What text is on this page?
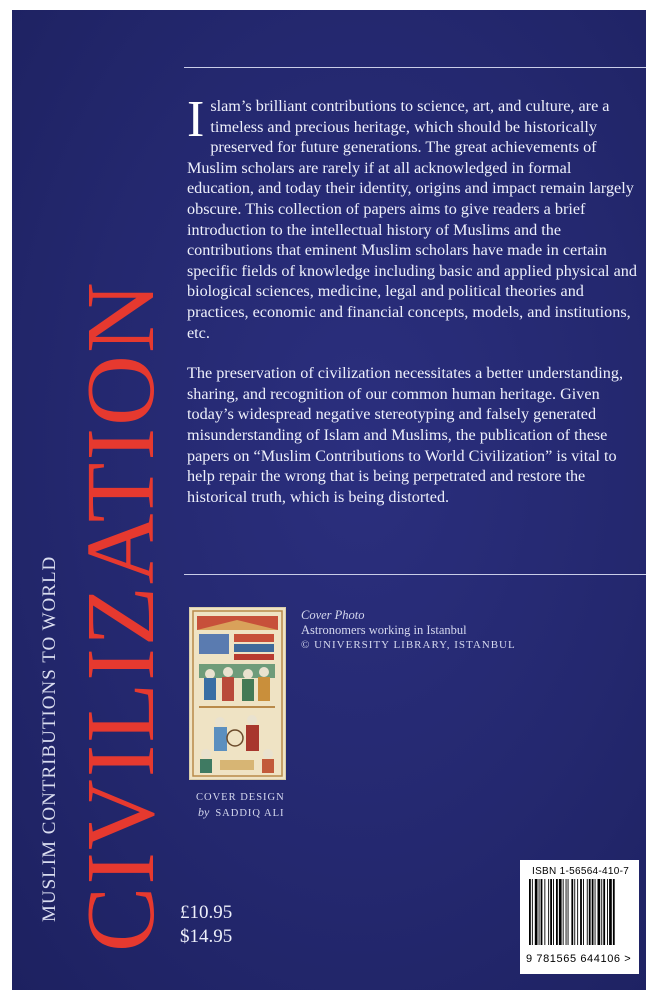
CIVILIZATION
MUSLIM CONTRIBUTIONS TO WORLD

Islam’s brilliant contributions to science, art, and culture, are a timeless and precious heritage, which should be historically preserved for future generations. The great achievements of Muslim scholars are rarely if at all acknowledged in formal education, and today their identity, origins and impact remain largely obscure. This collection of papers aims to give readers a brief introduction to the intellectual history of Muslims and the contributions that eminent Muslim scholars have made in certain specific fields of knowledge including basic and applied physical and biological sciences, medicine, legal and political theories and practices, economic and financial concepts, models, and institutions, etc.

The preservation of civilization necessitates a better understanding, sharing, and recognition of our common human heritage. Given today’s widespread negative stereotyping and falsely generated misunderstanding of Islam and Muslims, the publication of these papers on “Muslim Contributions to World Civilization” is vital to help repair the wrong that is being perpetrated and restore the historical truth, which is being distorted.

Cover Photo
Astronomers working in Istanbul
© UNIVERSITY LIBRARY, ISTANBUL
COVER DESIGN
by SADDIQ ALI
£10.95
$14.95
ISBN 1-56564-410-7
9 781565 644106 >
